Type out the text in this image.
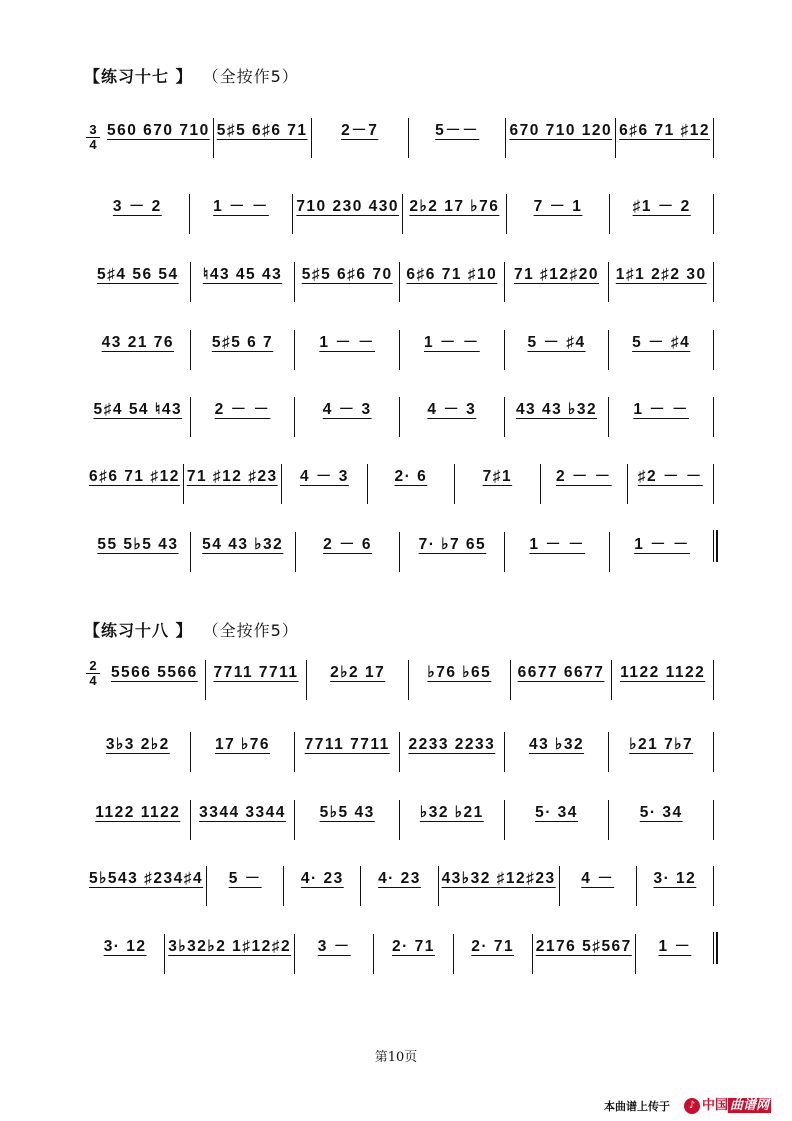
【练习十七 】 （全按作5）
3
4
560 670 710 5♯5 6♯6 71 2－7	5－－ 670 710 120 6♯6 71 ♯12
3 － 2	1 － － 710 230 430 2♭2 17 ♭76 7 － 1	♯1 － 2
5♯4 56 54 ♮43 45 43 5♯5 6♯6 70 6♯6 71 ♯10 71 ♯12♯20 1♯1 2♯2 30
43 21 76 5♯5 6 7	1 － －	1 － －	5 － ♯4	5 － ♯4
5♯4 54 ♮43 2 － －	4 － 3	4 － 3	43 43 ♭32 1 － －
6♯6 71 ♯12 71 ♯12 ♯23 4 － 3	2· 6	7♯1	2 － － ♯2 － －
55 5♭5 43 54 43 ♭32	2 － 6	7· ♭7 65	1 － －	1 － －
【练习十八 】 （全按作5）
2
4 5566 5566 7711 7711 2♭2 17	♭76 ♭65 6677 6677 1122 1122
3♭3 2♭2	17 ♭76 7711 7711 2233 2233 43 ♭32	♭21 7♭7
1122 1122 3344 3344 5♭5 43	♭32 ♭21	5· 34	5· 34
5♭543 ♯234♯4 5 －	4· 23 4· 23 43♭32 ♯12♯23 4 －	3· 12
3· 12 3♭32♭2 1♯12♯2 3 －	2· 71 2· 71 2176 5♯567 1 －
第10页
本曲谱上传于	♪ 中国 曲谱网
